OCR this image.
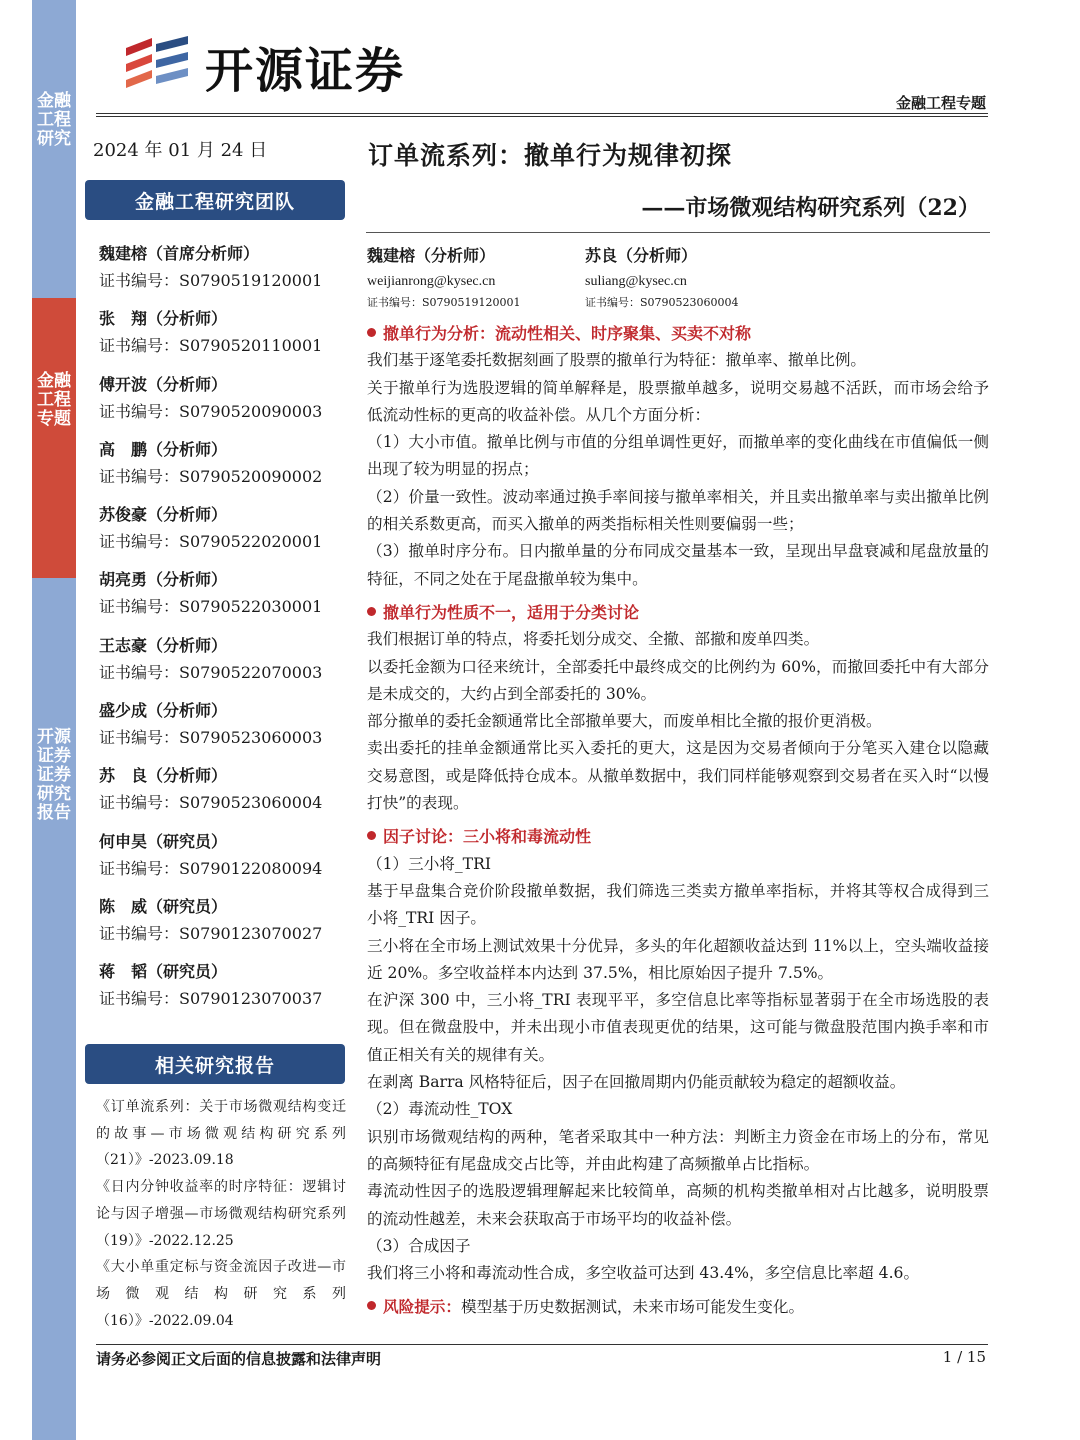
金融工程研究
金融工程专题
开源证券 证券研究报告
开源证券
金融工程专题
2024 年 01 月 24 日	订单流系列：撤单行为规律初探
——市场微观结构研究系列（22）
金融工程研究团队
魏建榕（首席分析师）
证书编号：S0790519120001
张　翔（分析师）
证书编号：S0790520110001
傅开波（分析师）
证书编号：S0790520090003
高　鹏（分析师）
证书编号：S0790520090002
苏俊豪（分析师）
证书编号：S0790522020001
胡亮勇（分析师）
证书编号：S0790522030001
王志豪（分析师）
证书编号：S0790522070003
盛少成（分析师）
证书编号：S0790523060003
苏　良（分析师）
证书编号：S0790523060004
何申昊（研究员）
证书编号：S0790122080094
陈　威（研究员）
证书编号：S0790123070027
蒋　韬（研究员）
证书编号：S0790123070037
相关研究报告
《订单流系列：关于市场微观结构变迁的故事—市场微观结构研究系列（21）》-2023.09.18
《日内分钟收益率的时序特征：逻辑讨论与因子增强—市场微观结构研究系列（19）》-2022.12.25
《大小单重定标与资金流因子改进—市场微观结构研究系列（16）》-2022.09.04
魏建榕（分析师）
weijianrong@kysec.cn
证书编号：S0790519120001
苏良（分析师）
suliang@kysec.cn
证书编号：S0790523060004

撤单行为分析：流动性相关、时序聚集、买卖不对称

我们基于逐笔委托数据刻画了股票的撤单行为特征：撤单率、撤单比例。

关于撤单行为选股逻辑的简单解释是，股票撤单越多，说明交易越不活跃，而市场会给予低流动性标的更高的收益补偿。从几个方面分析：

（1）大小市值。撤单比例与市值的分组单调性更好，而撤单率的变化曲线在市值偏低一侧出现了较为明显的拐点；

（2）价量一致性。波动率通过换手率间接与撤单率相关，并且卖出撤单率与卖出撤单比例的相关系数更高，而买入撤单的两类指标相关性则要偏弱一些；

（3）撤单时序分布。日内撤单量的分布同成交量基本一致，呈现出早盘衰减和尾盘放量的特征，不同之处在于尾盘撤单较为集中。

撤单行为性质不一，适用于分类讨论

我们根据订单的特点，将委托划分成交、全撤、部撤和废单四类。

以委托金额为口径来统计，全部委托中最终成交的比例约为 60%，而撤回委托中有大部分是未成交的，大约占到全部委托的 30%。

部分撤单的委托金额通常比全部撤单要大，而废单相比全撤的报价更消极。

卖出委托的挂单金额通常比买入委托的更大，这是因为交易者倾向于分笔买入建仓以隐藏交易意图，或是降低持仓成本。从撤单数据中，我们同样能够观察到交易者在买入时“以慢打快”的表现。

因子讨论：三小将和毒流动性

（1）三小将_TRI

基于早盘集合竞价阶段撤单数据，我们筛选三类卖方撤单率指标，并将其等权合成得到三小将_TRI 因子。

三小将在全市场上测试效果十分优异，多头的年化超额收益达到 11%以上，空头端收益接近 20%。多空收益样本内达到 37.5%，相比原始因子提升 7.5%。

在沪深 300 中，三小将_TRI 表现平平，多空信息比率等指标显著弱于在全市场选股的表现。但在微盘股中，并未出现小市值表现更优的结果，这可能与微盘股范围内换手率和市值正相关有关的规律有关。

在剥离 Barra 风格特征后，因子在回撤周期内仍能贡献较为稳定的超额收益。

（2）毒流动性_TOX

识别市场微观结构的两种，笔者采取其中一种方法：判断主力资金在市场上的分布，常见的高频特征有尾盘成交占比等，并由此构建了高频撤单占比指标。

毒流动性因子的选股逻辑理解起来比较简单，高频的机构类撤单相对占比越多，说明股票的流动性越差，未来会获取高于市场平均的收益补偿。

（3）合成因子

我们将三小将和毒流动性合成，多空收益可达到 43.4%，多空信息比率超 4.6。

风险提示：模型基于历史数据测试，未来市场可能发生变化。

请务必参阅正文后面的信息披露和法律声明	1 / 15
